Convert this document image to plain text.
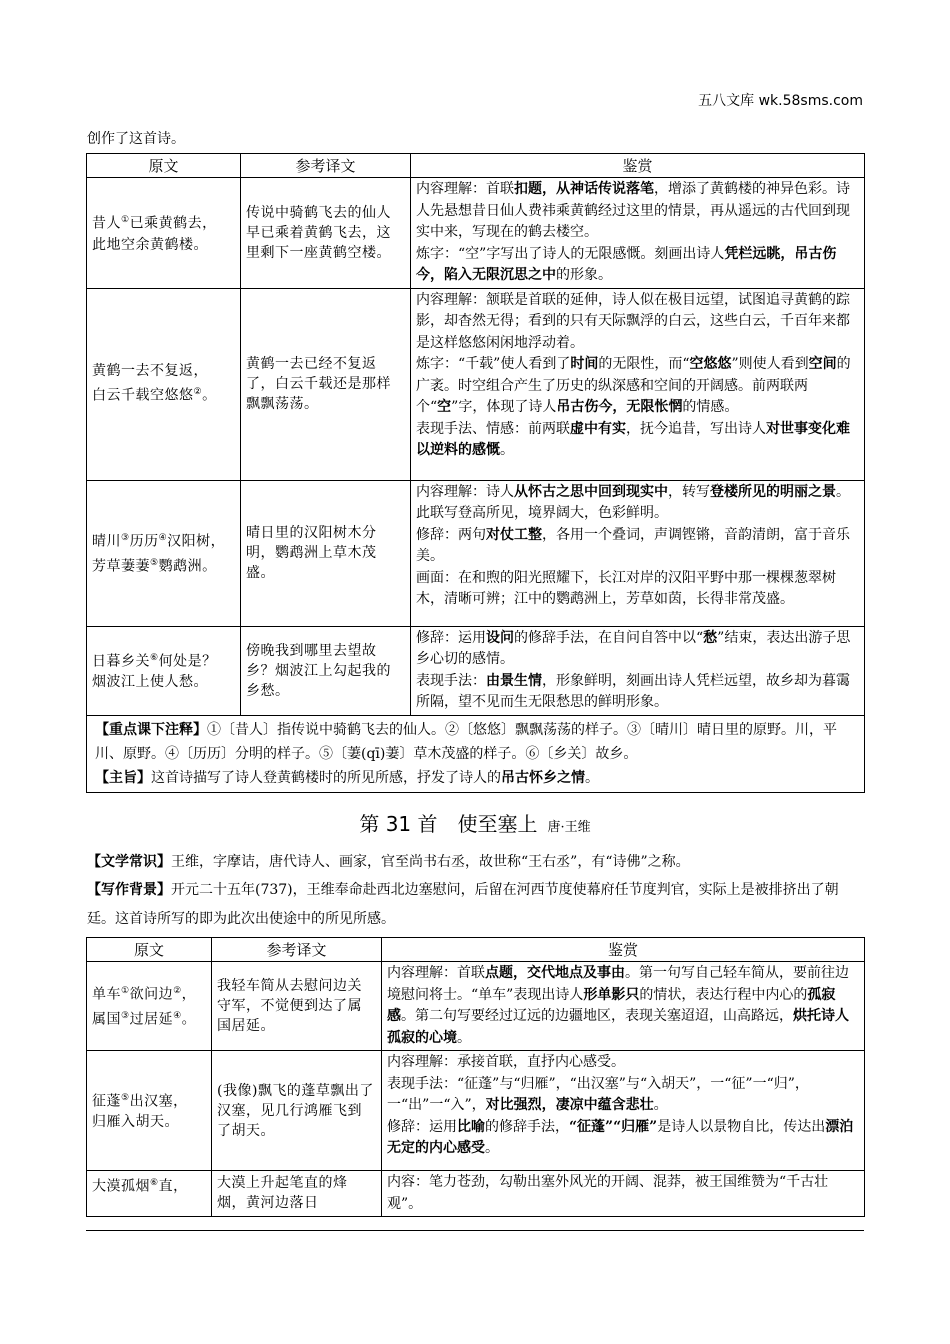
五八文库 wk.58sms.com
创作了这首诗。
原文	参考译文	鉴赏
昔人①已乘黄鹤去，
此地空余黄鹤楼。	传说中骑鹤飞去的仙人早已乘着黄鹤飞去，这里剩下一座黄鹤空楼。	内容理解：首联扣题，从神话传说落笔，增添了黄鹤楼的神异色彩。诗人先悬想昔日仙人费祎乘黄鹤经过这里的情景，再从遥远的古代回到现实中来，写现在的鹤去楼空。
炼字：“空”字写出了诗人的无限感慨。刻画出诗人凭栏远眺，吊古伤今，陷入无限沉思之中的形象。

黄鹤一去不复返，
白云千载空悠悠②。	黄鹤一去已经不复返了，白云千载还是那样飘飘荡荡。	内容理解：颔联是首联的延伸，诗人似在极目远望，试图追寻黄鹤的踪影，却杳然无得；看到的只有天际飘浮的白云，这些白云，千百年来都是这样悠悠闲闲地浮动着。
炼字：“千载”使人看到了时间的无限性，而“空悠悠”则使人看到空间的广袤。时空组合产生了历史的纵深感和空间的开阔感。前两联两个“空”字，体现了诗人吊古伤今，无限怅惘的情感。
表现手法、情感：前两联虚中有实，抚今追昔，写出诗人对世事变化难以逆料的感慨。

晴川③历历④汉阳树，
芳草萋萋⑤鹦鹉洲。	晴日里的汉阳树木分明，鹦鹉洲上草木茂盛。	内容理解：诗人从怀古之思中回到现实中，转写登楼所见的明丽之景。此联写登高所见，境界阔大，色彩鲜明。
修辞：两句对仗工整，各用一个叠词，声调铿锵，音韵清朗，富于音乐美。
画面：在和煦的阳光照耀下，长江对岸的汉阳平野中那一棵棵葱翠树木，清晰可辨；江中的鹦鹉洲上，芳草如茵，长得非常茂盛。

日暮乡关⑥何处是？
烟波江上使人愁。	傍晚我到哪里去望故乡？烟波江上勾起我的乡愁。	修辞：运用设问的修辞手法，在自问自答中以“愁”结束，表达出游子思乡心切的感情。
表现手法：由景生情，形象鲜明，刻画出诗人凭栏远望，故乡却为暮霭所隔，望不见而生无限愁思的鲜明形象。

【重点课下注释】①〔昔人〕指传说中骑鹤飞去的仙人。②〔悠悠〕飘飘荡荡的样子。③〔晴川〕晴日里的原野。川，平川、原野。④〔历历〕分明的样子。⑤〔萋(qī)萋〕草木茂盛的样子。⑥〔乡关〕故乡。
【主旨】这首诗描写了诗人登黄鹤楼时的所见所感，抒发了诗人的吊古怀乡之情。		
第 31 首　使至塞上 唐·王维
【文学常识】王维，字摩诘，唐代诗人、画家，官至尚书右丞，故世称“王右丞”，有“诗佛”之称。
【写作背景】开元二十五年(737)，王维奉命赴西北边塞慰问，后留在河西节度使幕府任节度判官，实际上是被排挤出了朝廷。这首诗所写的即为此次出使途中的所见所感。
原文	参考译文	鉴赏
单车①欲问边②，
属国③过居延④。	我轻车简从去慰问边关守军，不觉便到达了属国居延。	内容理解：首联点题，交代地点及事由。第一句写自己轻车简从，要前往边境慰问将士。“单车”表现出诗人形单影只的情状，表达行程中内心的孤寂感。第二句写要经过辽远的边疆地区，表现关塞迢迢，山高路远，烘托诗人孤寂的心境。

征蓬⑤出汉塞，
归雁入胡天。	(我像)飘飞的蓬草飘出了汉塞，见几行鸿雁飞到了胡天。	内容理解：承接首联，直抒内心感受。
表现手法：“征蓬”与“归雁”，“出汉塞”与“入胡天”，一“征”一“归”，一“出”一“入”，对比强烈，凄凉中蕴含悲壮。
修辞：运用比喻的修辞手法，“征蓬”“归雁”是诗人以景物自比，传达出漂泊无定的内心感受。

大漠孤烟⑥直，	大漠上升起笔直的烽烟，黄河边落日	内容：笔力苍劲，勾勒出塞外风光的开阔、混莽，被王国维赞为“千古壮观”。
